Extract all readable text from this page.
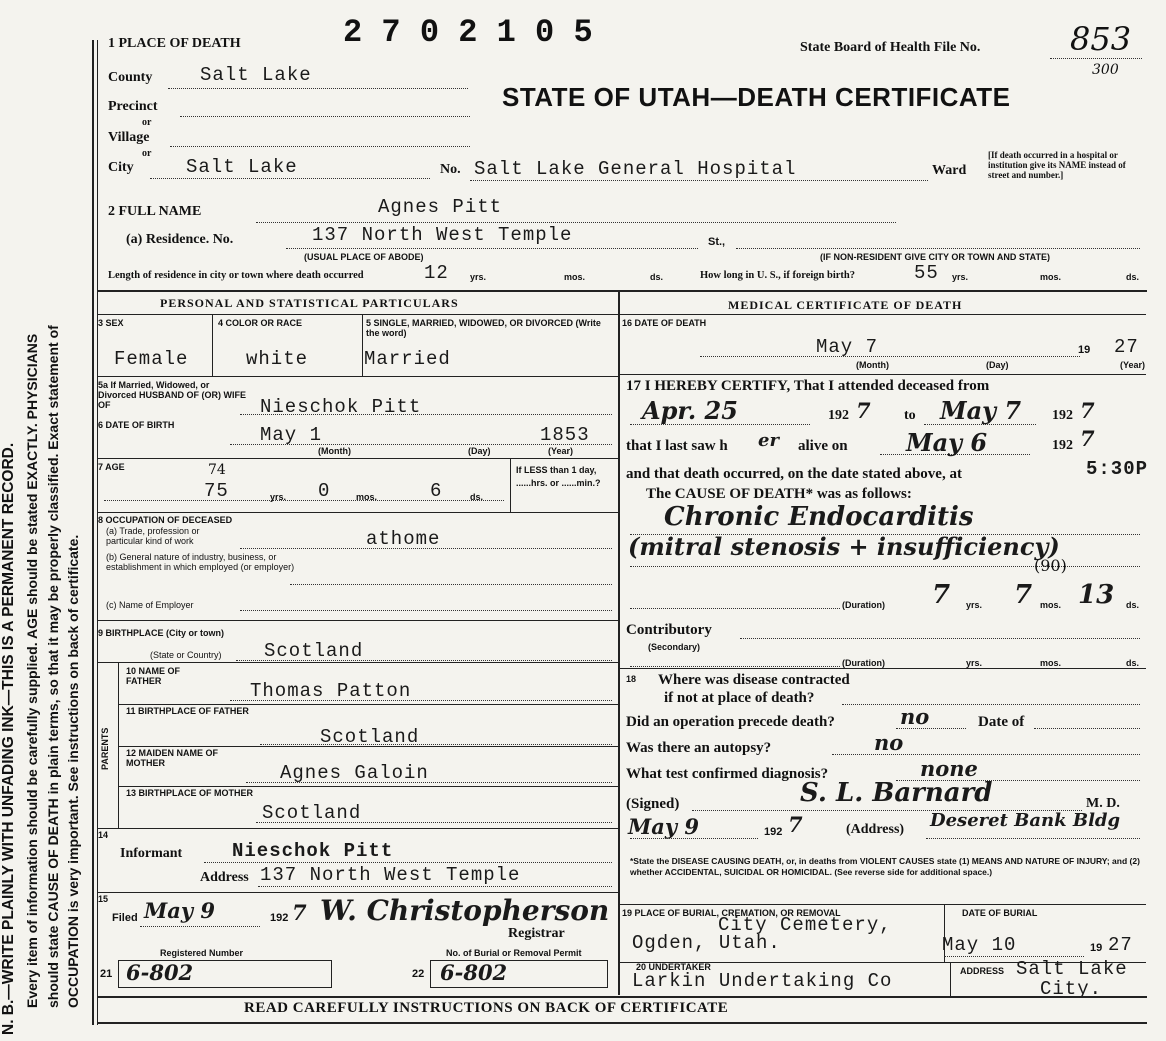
N. B.—WRITE PLAINLY WITH UNFADING INK—THIS IS A PERMANENT RECORD. Every item of information should be carefully supplied. AGE should be stated EXACTLY. PHYSICIANS should state CAUSE OF DEATH in plain terms, so that it may be properly classified. Exact statement of OCCUPATION is very important. See instructions on back of certificate.
1 PLACE OF DEATH	2 7 0 2 1 0 5	State Board of Health File No.	853
300
STATE OF UTAH—DEATH CERTIFICATE
County	Salt Lake
Precinct
or
Village
or
City	Salt Lake	No. Salt Lake General Hospital	Ward
[If death occurred in a hospital or institution give its NAME instead of street and number.]
2 FULL NAME	Agnes Pitt
(a) Residence. No.	137 North West Temple	St.,
(USUAL PLACE OF ABODE)	(IF NON-RESIDENT GIVE CITY OR TOWN AND STATE)
Length of residence in city or town where death occurred	12 yrs.	mos.	ds.	How long in U. S., if foreign birth?	55 yrs.	mos.	ds.
PERSONAL AND STATISTICAL PARTICULARS
3 SEX	4 COLOR OR RACE	5 SINGLE, MARRIED, WIDOWED, OR DIVORCED (Write the word)
Female	white	Married
5a If Married, Widowed, or Divorced HUSBAND OF (OR) WIFE OF	Nieschok Pitt
6 DATE OF BIRTH	May 1	1853
(Month)	(Day)	(Year)
7 AGE	74
75	yrs. 0	mos.	6	ds.
If LESS than 1 day, ......hrs. or ......min.?
8 OCCUPATION OF DECEASED
(a) Trade, profession or particular kind of work	athome
(b) General nature of industry, business, or establishment in which employed (or employer)
(c) Name of Employer
9 BIRTHPLACE (City or town)
(State or Country) Scotland
PARENTS
10 NAME OF FATHER	Thomas Patton
11 BIRTHPLACE OF FATHER
Scotland
12 MAIDEN NAME OF MOTHER	Agnes Galoin
13 BIRTHPLACE OF MOTHER
Scotland
14
Informant	Nieschok Pitt
Address 137 North West Temple
15
Filed May 9	192 7 W. Christopherson
Registrar
Registered Number	No. of Burial or Removal Permit
21 6-802	22 6-802
MEDICAL CERTIFICATE OF DEATH
16 DATE OF DEATH
May 7	19 27
(Month)	(Day)	(Year)
17 I HEREBY CERTIFY, That I attended deceased from
Apr. 25	192 7 to May 7 192 7
that I last saw h er alive on May 6	192 7
and that death occurred, on the date stated above, at	5:30P
The CAUSE OF DEATH* was as follows:
Chronic Endocarditis
(mitral stenosis + insufficiency)
(90)
(Duration) 7 yrs. 7 mos. 13 ds.
Contributory
(Secondary)
(Duration)	yrs.	mos.	ds.
18 Where was disease contracted
if not at place of death?
Did an operation precede death?	no	Date of
Was there an autopsy?	no
What test confirmed diagnosis?	none
(Signed)	S. L. Barnard	M. D.
May 9	192 7	(Address) Deseret Bank Bldg
*State the DISEASE CAUSING DEATH, or, in deaths from VIOLENT CAUSES state (1) MEANS AND NATURE OF INJURY; and (2) whether ACCIDENTAL, SUICIDAL OR HOMICIDAL. (See reverse side for additional space.)
19 PLACE OF BURIAL, CREMATION, OR REMOVAL
City Cemetery,
Ogden, Utah.
DATE OF BURIAL
May 10	19 27
20 UNDERTAKER
Larkin Undertaking Co	ADDRESS Salt Lake
City.
READ CAREFULLY INSTRUCTIONS ON BACK OF CERTIFICATE
